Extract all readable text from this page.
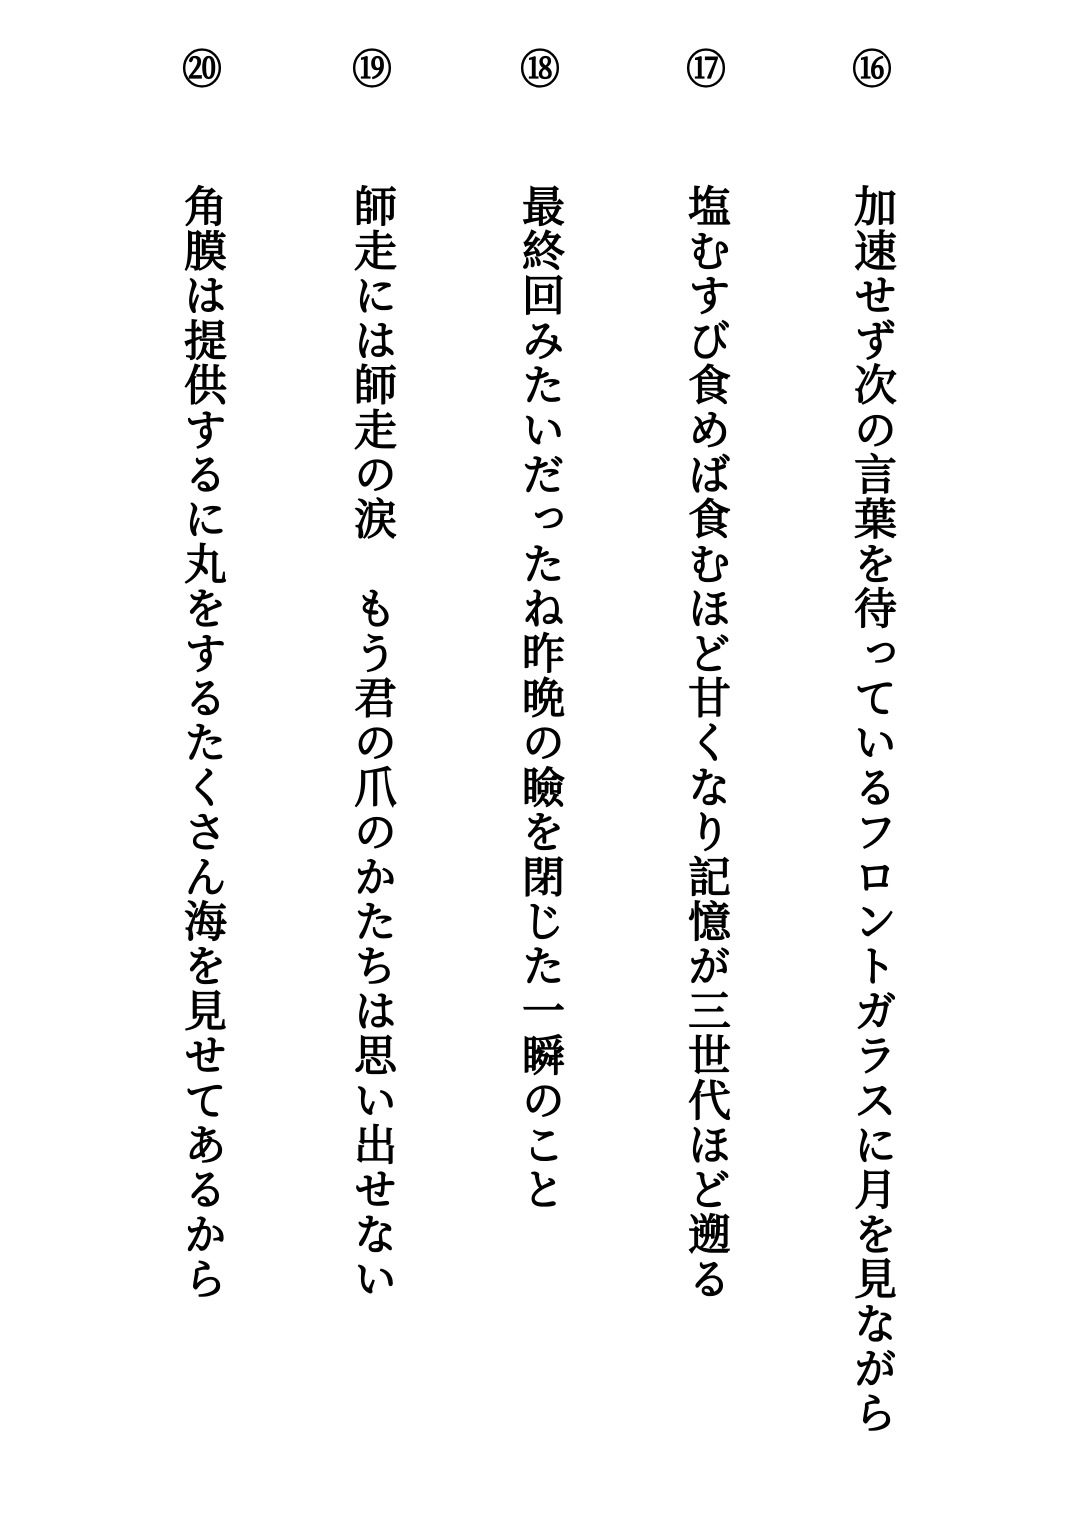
⑯
加速せず次の言葉を待っているフロントガラスに月を見ながら
⑰
塩むすび食めば食むほど甘くなり記憶が三世代ほど遡る
⑱
最終回みたいだったね昨晩の瞼を閉じた一瞬のこと
⑲
師走には師走の涙　もう君の爪のかたちは思い出せない
⑳
角膜は提供するに丸をするたくさん海を見せてあるから
